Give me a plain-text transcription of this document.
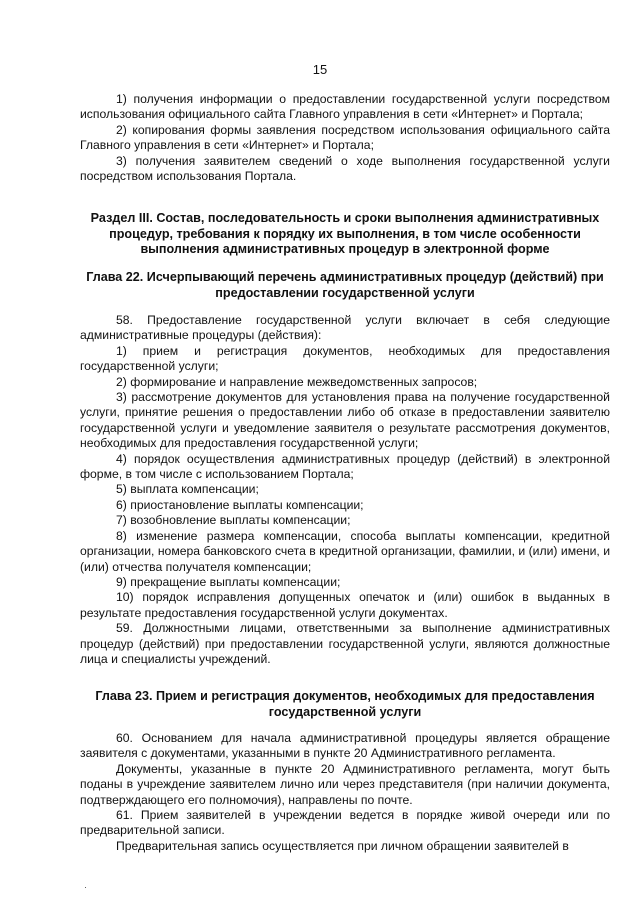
15

1) получения информации о предоставлении государственной услуги посредством использования официального сайта Главного управления в сети «Интернет» и Портала;

2) копирования формы заявления посредством использования официального сайта Главного управления в сети «Интернет» и Портала;

3) получения заявителем сведений о ходе выполнения государственной услуги посредством использования Портала.

Раздел III. Состав, последовательность и сроки выполнения административных процедур, требования к порядку их выполнения, в том числе особенности выполнения административных процедур в электронной форме
Глава 22. Исчерпывающий перечень административных процедур (действий) при предоставлении государственной услуги

58. Предоставление государственной услуги включает в себя следующие административные процедуры (действия):

1) прием и регистрация документов, необходимых для предоставления государственной услуги;

2) формирование и направление межведомственных запросов;

3) рассмотрение документов для установления права на получение государственной услуги, принятие решения о предоставлении либо об отказе в предоставлении заявителю государственной услуги и уведомление заявителя о результате рассмотрения документов, необходимых для предоставления государственной услуги;

4) порядок осуществления административных процедур (действий) в электронной форме, в том числе с использованием Портала;

5) выплата компенсации;

6) приостановление выплаты компенсации;

7) возобновление выплаты компенсации;

8) изменение размера компенсации, способа выплаты компенсации, кредитной организации, номера банковского счета в кредитной организации, фамилии, и (или) имени, и (или) отчества получателя компенсации;

9) прекращение выплаты компенсации;

10) порядок исправления допущенных опечаток и (или) ошибок в выданных в результате предоставления государственной услуги документах.

59. Должностными лицами, ответственными за выполнение административных процедур (действий) при предоставлении государственной услуги, являются должностные лица и специалисты учреждений.

Глава 23. Прием и регистрация документов, необходимых для предоставления государственной услуги

60. Основанием для начала административной процедуры является обращение заявителя с документами, указанными в пункте 20 Административного регламента.

Документы, указанные в пункте 20 Административного регламента, могут быть поданы в учреждение заявителем лично или через представителя (при наличии документа, подтверждающего его полномочия), направлены по почте.

61. Прием заявителей в учреждении ведется в порядке живой очереди или по предварительной записи.

Предварительная запись осуществляется при личном обращении заявителей в

·
